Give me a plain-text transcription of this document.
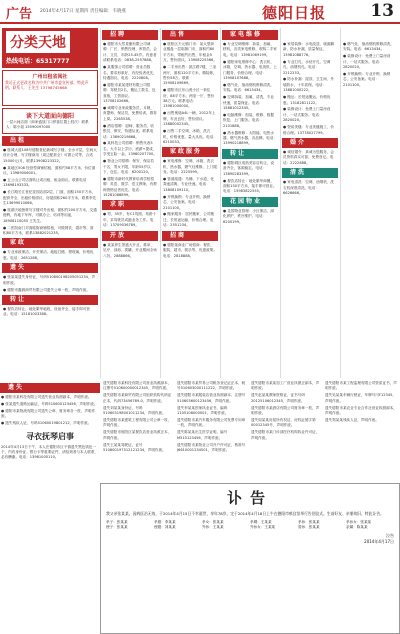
广告 2014年4月17日 星期四 责任编辑：韦晓燕	德阳日报	13
分类天地
热线电话：65317777
广州出租省阅社
我司正式更改名称为中共广州市委宣传部，特此声明。联系人：王先生 13798745668
谈下大道面向德阳
一层六间店面（商家盛放门口停靠位置上档次）联系人：陈小姐 15590097000
出租

● 旌城大道108号德阳世纪新城写字楼，全水平层，空间大设计合理，写字楼商用（周边配套全）可做公司等，合适15000元/月，联系13908223322。

● 某地区508 经营型商铺招租，面积约58平方米，价位面议。13989006001。

● 五公山公司店面转让或出租，租金面议。联系电话13698193333。

● 长江路长江世纪花园店面2层，门面，面积150平方米，配套齐全，出租价格面议，房屋面积260平方米，联系李先生13699010066。

● 旌湖天地独栋写字楼对外出租，面积约200平方米，交通便利，有地下车库，可做办公、培训等用途，18908110055 王先生。

● 二医院南门对面临街商铺招租，可做餐饮、超市等，面积80平方米，联系13882021235。

家政

● 专业家政保洁，开荒保洁、地板打蜡、擦玻璃，价格优惠。电话：2651288。

遗失

● 张某某遗失身份证，号码510600198205051234，声明作废。

● 德阳市鑫源商贸有限公司遗失公章一枚，声明作废。

转让

● 餐饮店转让，地处繁华地段，设备齐全，接手即可营业。电话：15181003388。

招聘

● 德阳市大然星酿有限公司诚聘：厂长、销售经理、库管员、会计、文员，年龄25-45岁。有意者请联系电话：0838-2557888。

● 某服饰公司招聘：营业员数名，要求形象好、有经验者优先，待遇面议。电话：2220808。

● 德阳市某某建材有限公司招聘：驾驶员2名，搬运工数名，包食宿，工资面议。13708102666。

● 诚聘专业家政服务员，月嫂、育婴师、保洁员，免费培训，推荐上岗。2265538。

● 酒店招聘：厨师、服务员、收银员、保安，待遇从优。联系电话：13890219868。

● 某科技公司招聘：销售代表5名，大专以上学历，底薪+提成，享受五险一金。13980207700。

● 物业公司招聘：保安、保洁若干名，男女不限，年龄55岁以下，包住。电话：6200120。

● 德阳市新时代教育培训学校招聘：英语、数学、语文教师，有教师资格证者优先。电话：15281088899。

求职

● 男，35岁，有C1驾照，驾龄十年，求驾驶员或跑业务工作。电话：13709036789。

开放

● 某某养生馆盛大开业，推拿、足疗、刮痧、拔罐，开业期间全场八折。2888866。

出售

● 旌阳区天元镇门市：某大型商业楼盘一层临街门市，面积约80平方米，带租约出售，年租金5万。售价面议。13908225566。

● 二手房出售：凯江路7楼，三室两厅，面积120平方米，精装修，售价58万。联系15908109669。

● 德阳市区东山苑小区一套住房，88平方米，两室一厅，售价38万元。联系电话：13981000000。

● 出售奥迪A4L一辆，2012年上牌，车况良好，售价面议。13880002345。

● 出售二手空调、冰箱、洗衣机，价格优惠，量大从优。电话：6210033。

家政服务

● 家电维修：空调、冰箱、洗衣机、热水器、燃气灶维修，上门服务。电话：2225599。

● 管道疏通：马桶、下水道、化粪池清掏，专业快速。电话：13808109110。

● 开锁换锁：专业开锁、换锁芯，公安备案。电话：2101100。

● 搬家服务：居民搬家、公司搬迁、长短途运输，价格合理。电话：2551234。

招商

● 德阳某商业广场招商：餐饮、服装、超市、娱乐等，优惠政策。电话：2818888。

家电维修

● 专业空调维修：拆装、加氟、移机，各类家电维修，收购二手家电。电话：13981069199。

● 德阳家电维修中心：洗衣机、冰箱、空调、热水器、电视机，上门服务，价格合理。电话：13908107688。

● 燃气灶、抽油烟机维修清洗，安装。电话：6613434。

● 空调拆装、加氟、清洗，专业快速，质量保证。电话：15881012345。

● 电脑维修：组装、维修、数据恢复，上门服务。电话：2101888。

● 热水器维修：太阳能、电热水器、燃气热水器，各品牌。电话：13990218899。

转让

● 德阳城区成熟美容店转让，设备齐全，客源稳定。电话：13890283399。

● 餐饮店转让：地处繁华商圈，面积150平方米，接手即可营业。电话：15983822555。

花园物业

● 花园物业管理：小区保洁、绿化养护、秩序维护。电话：6200199。

● 家居装修：水电改造、墙面翻新、防水补漏，质量保证。13981088776。

● 专业打孔、水钻开孔，空调孔、油烟机孔。电话：2212233。

● 防水补漏：屋顶、卫生间、外墙防水，十年质保。电话：13881000222。

● 搬运：长短途搬运，价格优惠。15182811122。

● 装修设计：免费上门量房设计，一站式服务。电话：2820020。

● 瓷砖美缝：专业美缝施工，价格合理。13778027799。

婚介

● 诚信婚介：真诚为您服务，会员资料真实可靠，免费登记。电话：2222888。

清洗

● 家电清洗：空调、油烟机、洗衣机深度清洗。电话：6626666。

● 燃气灶、抽油烟机维修清洗，安装。电话：6613434。

● 装修设计：免费上门量房设计，一站式服务。电话：2820020。

● 开锁换锁：专业开锁、换锁芯，公安备案。电话：2101100。

遗失

● 德阳市某科技有限公司遗失营业执照副本，声明作废。

● 张某遗失道路运输证，号码510600123456，声明作废。

● 德阳市某物流有限公司遗失公章、财务章各一枚，声明作废。

● 遗失残疾人证，号码51060019801212，声明作废。

寻衣抚琴启事
2014年4月13日下午，本人在德阳市区不慎遗失黑色钱包一个，内有身份证、银行卡等重要证件，请拾到者与本人联系，必有酬谢。电话：13981000110。

遗失德阳市某科技有限公司营业执照副本，注册号510600000012345，声明作废。

遗失德阳市某商贸有限公司组织机构代码证正本，代码73456789-0，声明作废。

遗失刘某某身份证，号码510603198001011234，声明作废。

遗失德阳市某建筑工程有限公司公章一枚，声明作废。

遗失德阳市旌阳区某餐饮店营业执照正本，声明作废。

遗失王某某驾驶证，证号510600197512121234，声明作废。

遗失德阳市某贸易公司税务登记证正本，税号510603000111222，声明作废。

遗失德阳市某服装店营业执照副本，注册号510603600123456，声明作废。

遗失李某某医师执业证书，编码1105106000001，声明作废。

遗失德阳市某汽车服务有限公司发票专用章一枚，声明作废。

遗失陈某某出生医学证明，编号M510123456，声明作废。

遗失德阳市某物业公司开户许可证，核准号J6610001234501，声明作废。

遗失德阳市某某加工厂营业执照正副本，声明作废。

遗失赵某某教师资格证，证书号码20125106012345，声明作废。

遗失德阳市某酒店有限公司财务章一枚，声明作废。

遗失周某某房屋所有权证，房权证德字第00012345号，声明作废。

遗失德阳市某门诊部医疗机构执业许可证，声明作废。

遗失德阳市某工程监理有限公司资质证书，声明作废。

遗失吴某某车辆行驶证，车牌号川F12345，声明作废。

遗失德阳市某农业专业合作社营业执照副本，声明作废。

遗失郑某某残疾人证，声明作废。

讣告
我父亲张某某，因病医治无效，于2014年4月15日不幸逝世，享年78岁。定于2014年4月18日上午在德阳市殡仪馆举行告别仪式。生前好友、亲朋故旧，特此讣告。
孝子：张某某	孝媳：李某某	孝女：张某某	孝婿：王某某	孝孙：张某某	孝孙女：张某某
侄子：张某某	侄媳：刘某某	外孙：王某某	外孙女：王某某	曾孙：张某某	亲属：陈某某
泣告
2014年4月17日
